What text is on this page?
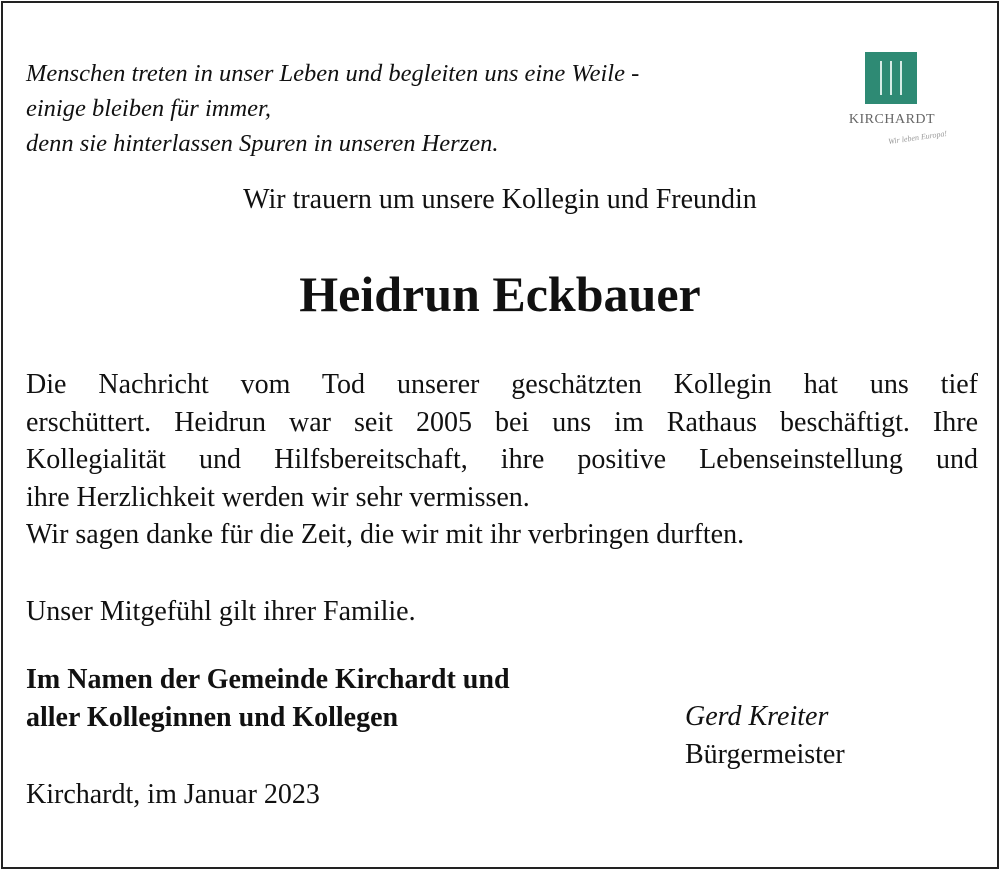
Menschen treten in unser Leben und begleiten uns eine Weile -
einige bleiben für immer,
denn sie hinterlassen Spuren in unseren Herzen.
KIRCHARDT
Wir leben Europa!
Wir trauern um unsere Kollegin und Freundin
Heidrun Eckbauer
Die Nachricht vom Tod unserer geschätzten Kollegin hat uns tief
erschüttert. Heidrun war seit 2005 bei uns im Rathaus beschäftigt. Ihre
Kollegialität und Hilfsbereitschaft, ihre positive Lebenseinstellung und
ihre Herzlichkeit werden wir sehr vermissen.
Wir sagen danke für die Zeit, die wir mit ihr verbringen durften.
Unser Mitgefühl gilt ihrer Familie.
Im Namen der Gemeinde Kirchardt und
aller Kolleginnen und Kollegen	Gerd Kreiter
Bürgermeister
Kirchardt, im Januar 2023
